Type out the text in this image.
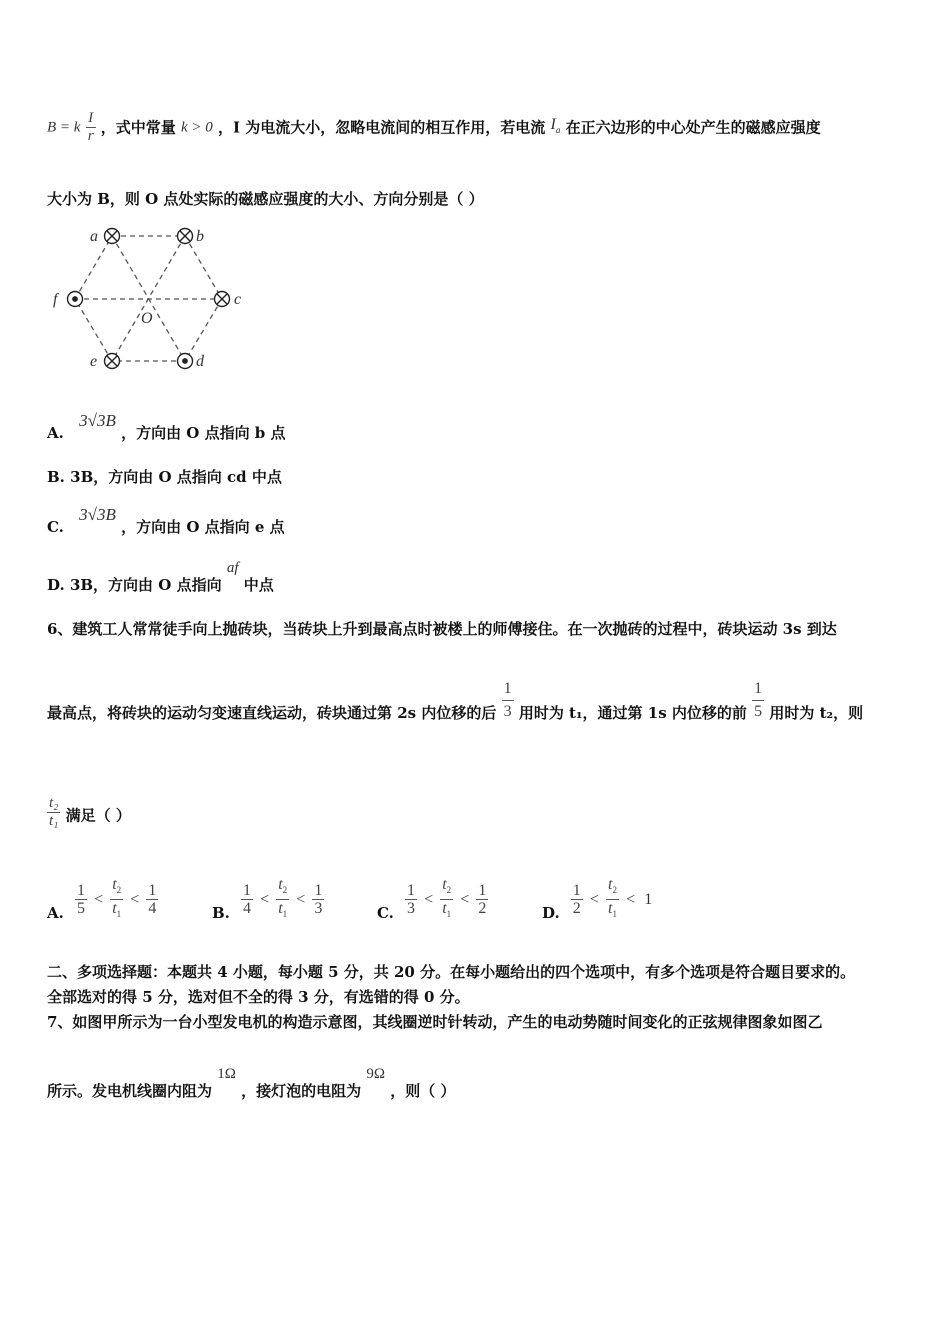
B = k $\frac{I}{r}$ ，式中常量 k > 0 ，I 为电流大小，忽略电流间的相互作用，若电流 $I_a$ 在正六边形的中心处产生的磁感应强度
大小为 B，则 O 点处实际的磁感应强度的大小、方向分别是（ ）
a	b
c
d
e
f
O
A. 3√3B ，方向由 O 点指向 b 点
B. 3B，方向由 O 点指向 cd 中点
C. 3√3B ，方向由 O 点指向 e 点
D. 3B，方向由 O 点指向 af 中点
6、建筑工人常常徒手向上抛砖块，当砖块上升到最高点时被楼上的师傅接住。在一次抛砖的过程中，砖块运动 3s 到达
最高点，将砖块的运动匀变速直线运动，砖块通过第 2s 内位移的后 $\frac{1}{3}$ 用时为 t₁，通过第 1s 内位移的前 $\frac{1}{5}$ 用时为 t₂，则
$\frac{\text{t₂}}{\text{t₁}}$ 满足（ ）
A. $\frac{1}{5} < \frac{t_2}{t_1} < \frac{1}{4}$	B. $\frac{1}{4} < \frac{t_2}{t_1} < \frac{1}{3}$	C. $\frac{1}{3} < \frac{t_2}{t_1} < \frac{1}{2}$	D. $\frac{1}{2} < \frac{t_2}{t_1} < 1$
二、多项选择题：本题共 4 小题，每小题 5 分，共 20 分。在每小题给出的四个选项中，有多个选项是符合题目要求的。
全部选对的得 5 分，选对但不全的得 3 分，有选错的得 0 分。
7、如图甲所示为一台小型发电机的构造示意图，其线圈逆时针转动，产生的电动势随时间变化的正弦规律图象如图乙
所示。发电机线圈内阻为 1Ω ，接灯泡的电阻为 9Ω ，则（ ）
